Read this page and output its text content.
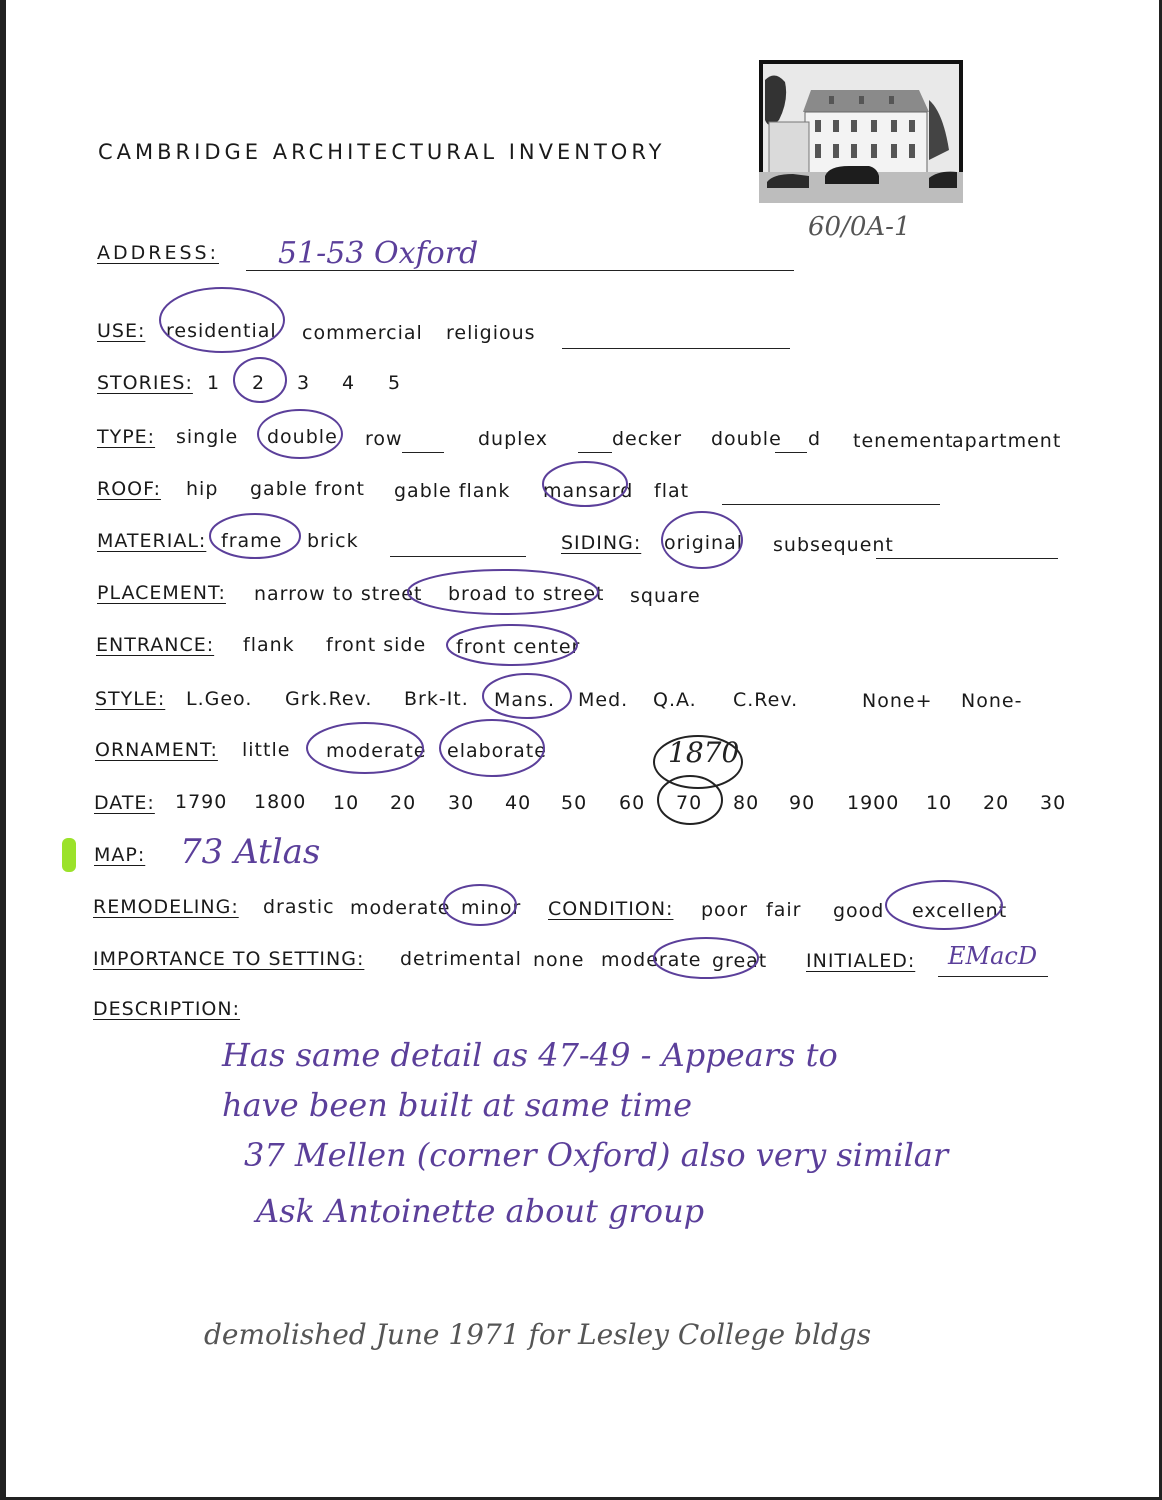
CAMBRIDGE ARCHITECTURAL INVENTORY
60/0A-1
ADDRESS: 51-53 Oxford
USE: residential commercial religious
STORIES: 1 2 3 4 5
TYPE: single double row	duplex	decker double d tenement
apartment
ROOF: hip gable front gable flank mansard flat
MATERIAL: frame brick	SIDING: original subsequent
PLACEMENT: narrow to street broad to street square
ENTRANCE: flank front side front center
STYLE: L.Geo. Grk.Rev. Brk-It. Mans. Med. Q.A. C.Rev.	None+ None-
ORNAMENT: little moderate elaborate	1870
DATE: 1790 1800 10 20 30 40 50 60 70 80 90 1900 10 20 30
MAP: 73 Atlas
REMODELING: drastic moderate minor CONDITION: poor fair good excellent
IMPORTANCE TO SETTING: detrimental none moderate great INITIALED: EMacD
DESCRIPTION:
Has same detail as 47-49 - Appears to
have been built at same time
37 Mellen (corner Oxford) also very similar
Ask Antoinette about group
demolished June 1971 for Lesley College bldgs
